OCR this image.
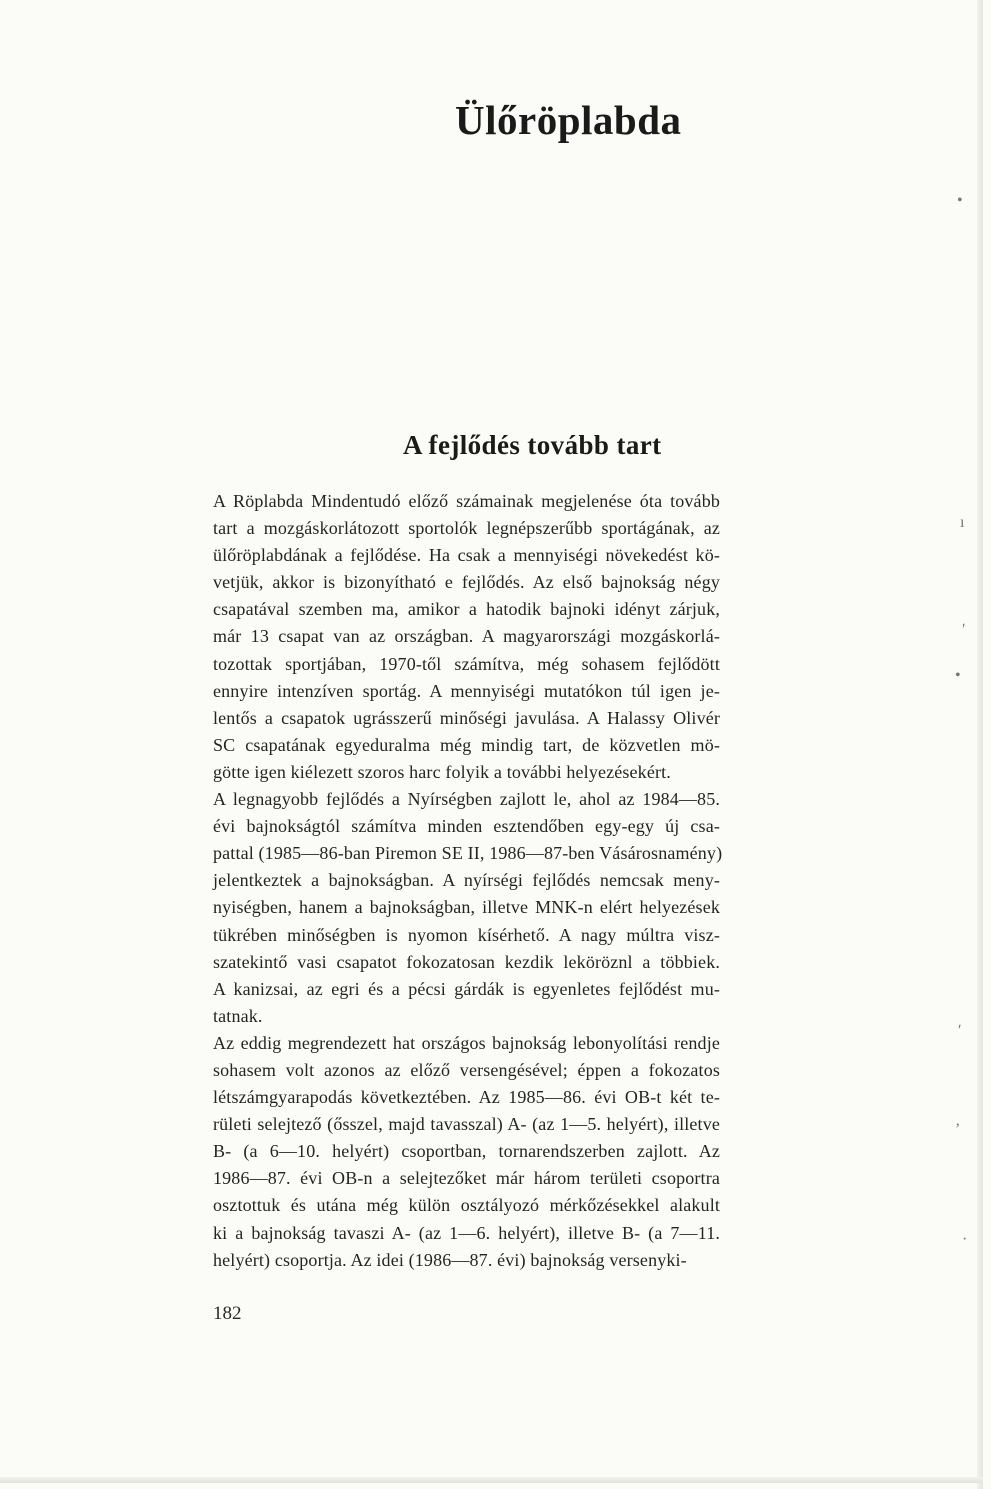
Ülőröplabda
A fejlődés tovább tart
A Röplabda Mindentudó előző számainak megjelenése óta tovább
tart a mozgáskorlátozott sportolók legnépszerűbb sportágának, az
ülőröplabdának a fejlődése. Ha csak a mennyiségi növekedést kö-
vetjük, akkor is bizonyítható e fejlődés. Az első bajnokság négy
csapatával szemben ma, amikor a hatodik bajnoki idényt zárjuk,
már 13 csapat van az országban. A magyarországi mozgáskorlá-
tozottak sportjában, 1970-től számítva, még sohasem fejlődött
ennyire intenzíven sportág. A mennyiségi mutatókon túl igen je-
lentős a csapatok ugrásszerű minőségi javulása. A Halassy Olivér
SC csapatának egyeduralma még mindig tart, de közvetlen mö-
götte igen kiélezett szoros harc folyik a további helyezésekért.
A legnagyobb fejlődés a Nyírségben zajlott le, ahol az 1984—85.
évi bajnokságtól számítva minden esztendőben egy-egy új csa-
pattal (1985—86-ban Piremon SE II, 1986—87-ben Vásárosnamény)
jelentkeztek a bajnokságban. A nyírségi fejlődés nemcsak meny-
nyiségben, hanem a bajnokságban, illetve MNK-n elért helyezések
tükrében minőségben is nyomon kísérhető. A nagy múltra visz-
szatekintő vasi csapatot fokozatosan kezdik leköröznl a többiek.
A kanizsai, az egri és a pécsi gárdák is egyenletes fejlődést mu-
tatnak.
Az eddig megrendezett hat országos bajnokság lebonyolítási rendje
sohasem volt azonos az előző versengésével; éppen a fokozatos
létszámgyarapodás következtében. Az 1985—86. évi OB-t két te-
rületi selejtező (ősszel, majd tavasszal) A- (az 1—5. helyért), illetve
B- (a 6—10. helyért) csoportban, tornarendszerben zajlott. Az
1986—87. évi OB-n a selejtezőket már három területi csoportra
osztottuk és utána még külön osztályozó mérkőzésekkel alakult
ki a bajnokság tavaszi A- (az 1—6. helyért), illetve B- (a 7—11.
helyért) csoportja. Az idei (1986—87. évi) bajnokság versenyki-
182
•
ı
ʹ
•
ʹ
ʼ
·
